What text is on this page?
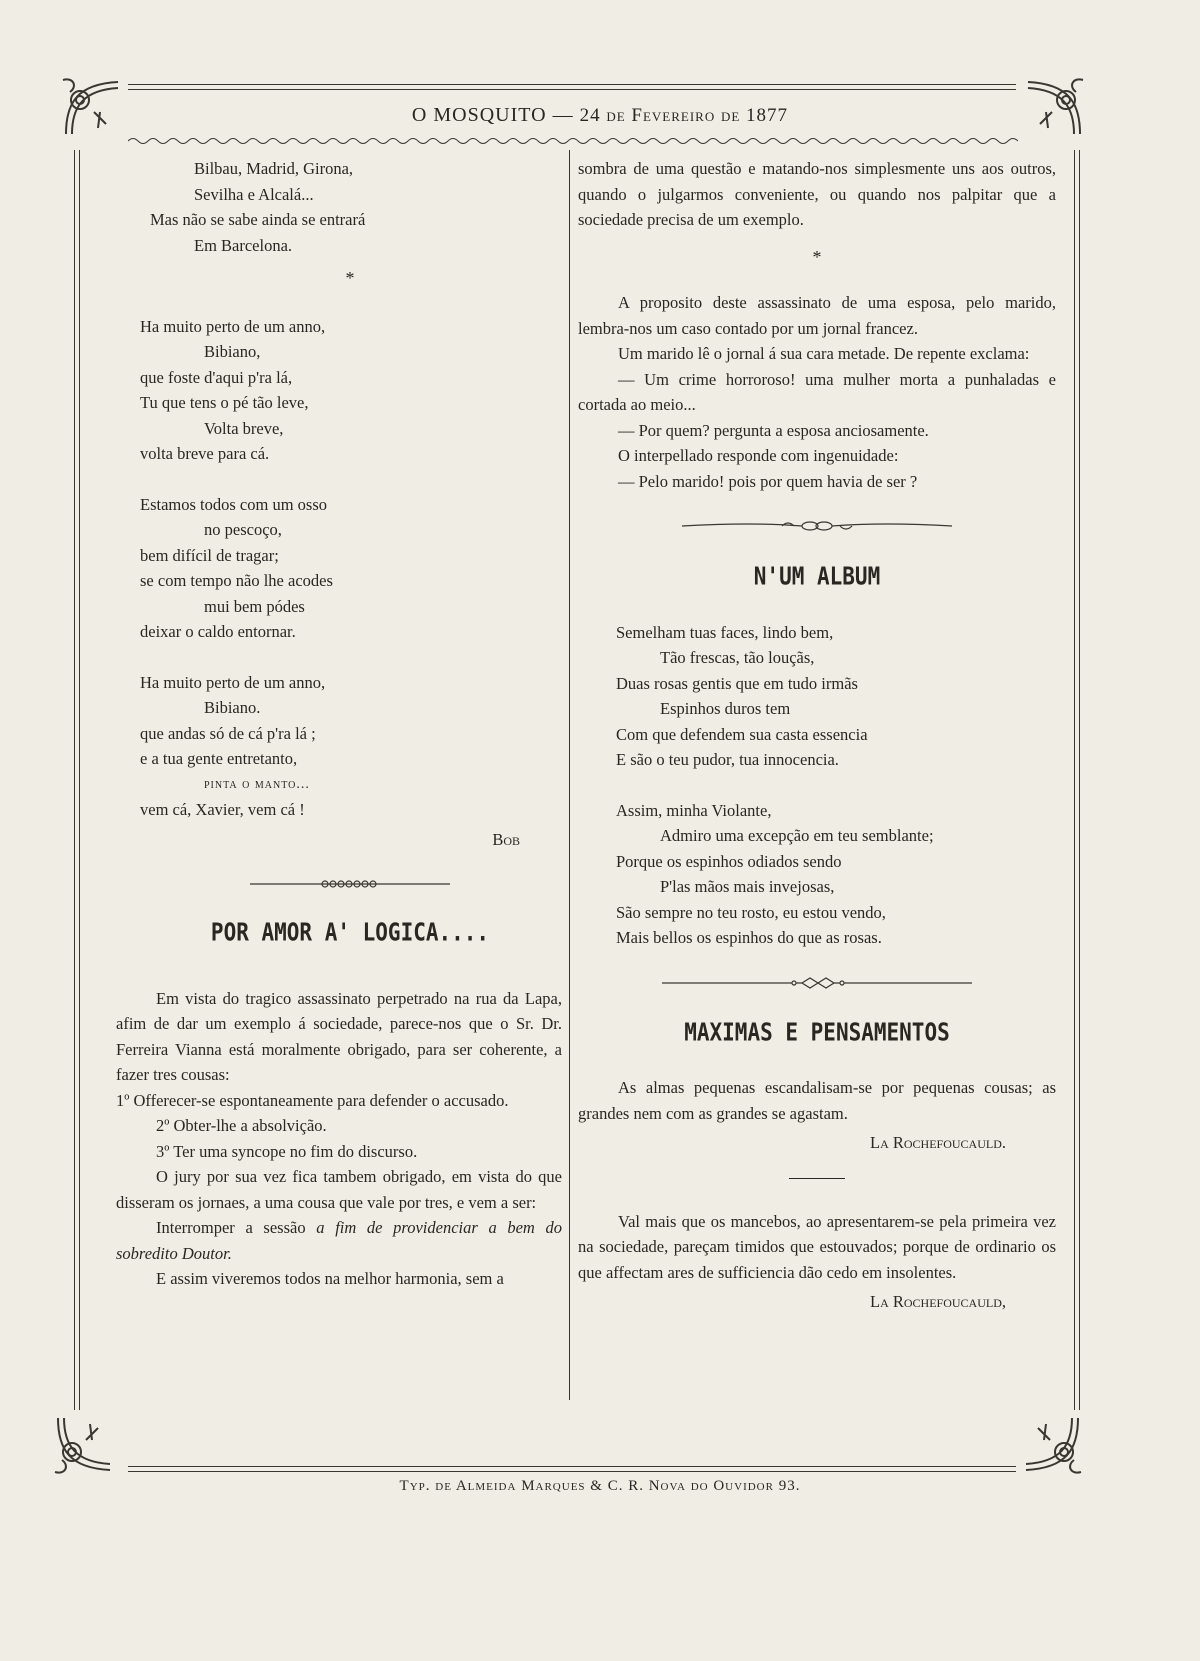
O MOSQUITO — 24 de Fevereiro de 1877

Bilbau, Madrid, Girona,

Sevilha e Alcalá...

Mas não se sabe ainda se entrará

Em Barcelona.

*

Ha muito perto de um anno,

Bibiano,

que foste d'aqui p'ra lá,

Tu que tens o pé tão leve,

Volta breve,

volta breve para cá.

Estamos todos com um osso

no pescoço,

bem difícil de tragar;

se com tempo não lhe acodes

mui bem pódes

deixar o caldo entornar.

Ha muito perto de um anno,

Bibiano.

que andas só de cá p'ra lá ;

e a tua gente entretanto,

pinta o manto...

vem cá, Xavier, vem cá !

Bob
POR AMOR A' LOGICA....

Em vista do tragico assassinato perpetrado na rua da Lapa, afim de dar um exemplo á sociedade, parece-nos que o Sr. Dr. Ferreira Vianna está moralmente obrigado, para ser coherente, a fazer tres cousas:

1º Offerecer-se espontaneamente para defender o accusado.

2º Obter-lhe a absolvição.

3º Ter uma syncope no fim do discurso.

O jury por sua vez fica tambem obrigado, em vista do que disseram os jornaes, a uma cousa que vale por tres, e vem a ser:

Interromper a sessão a fim de providenciar a bem do sobredito Doutor.

E assim viveremos todos na melhor harmonia, sem a

sombra de uma questão e matando-nos simplesmente uns aos outros, quando o julgarmos conveniente, ou quando nos palpitar que a sociedade precisa de um exemplo.

*

A proposito deste assassinato de uma esposa, pelo marido, lembra-nos um caso contado por um jornal francez.

Um marido lê o jornal á sua cara metade. De repente exclama:

— Um crime horroroso! uma mulher morta a punhaladas e cortada ao meio...

— Por quem? pergunta a esposa anciosamente.

O interpellado responde com ingenuidade:

— Pelo marido! pois por quem havia de ser ?

N'UM ALBUM

Semelham tuas faces, lindo bem,

Tão frescas, tão louçãs,

Duas rosas gentis que em tudo irmãs

Espinhos duros tem

Com que defendem sua casta essencia

E são o teu pudor, tua innocencia.

Assim, minha Violante,

Admiro uma excepção em teu semblante;

Porque os espinhos odiados sendo

P'las mãos mais invejosas,

São sempre no teu rosto, eu estou vendo,

Mais bellos os espinhos do que as rosas.

MAXIMAS E PENSAMENTOS

As almas pequenas escandalisam-se por pequenas cousas; as grandes nem com as grandes se agastam.

La Rochefoucauld.

Val mais que os mancebos, ao apresentarem-se pela primeira vez na sociedade, pareçam timidos que estouvados; porque de ordinario os que affectam ares de sufficiencia dão cedo em insolentes.

La Rochefoucauld,
Typ. de Almeida Marques & C. R. Nova do Ouvidor 93.
